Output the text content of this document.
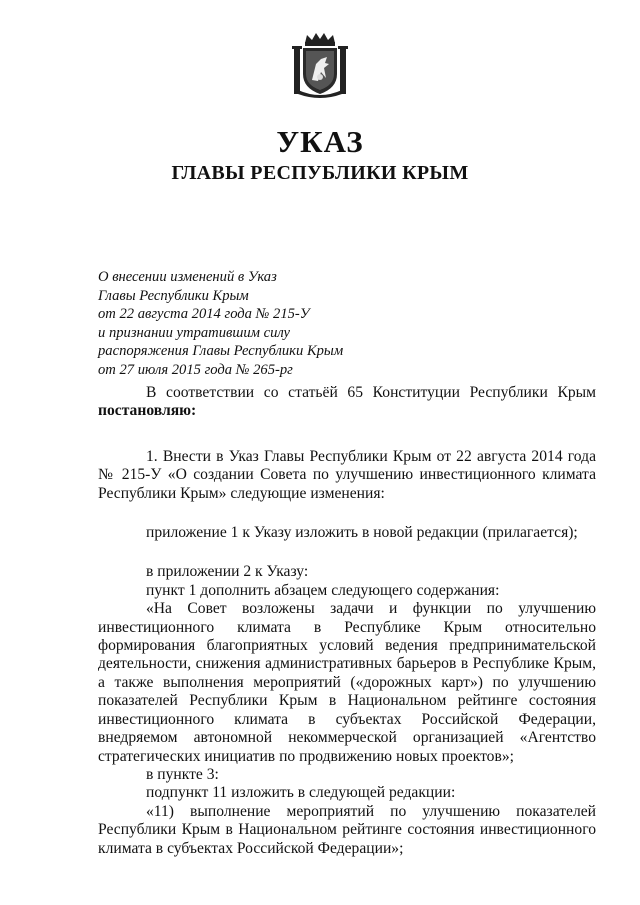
УКАЗ
ГЛАВЫ РЕСПУБЛИКИ КРЫМ
О внесении изменений в Указ
Главы Республики Крым
от 22 августа 2014 года № 215-У
и признании утратившим силу
распоряжения Главы Республики Крым
от 27 июля 2015 года № 265-рг

В соответствии со статьёй 65 Конституции Республики Крым

постановляю:

1. Внести в Указ Главы Республики Крым от 22 августа 2014 года № 215-У «О создании Совета по улучшению инвестиционного климата Республики Крым» следующие изменения:

приложение 1 к Указу изложить в новой редакции (прилагается);

в приложении 2 к Указу:

пункт 1 дополнить абзацем следующего содержания:

«На Совет возложены задачи и функции по улучшению инвестиционного климата в Республике Крым относительно формирования благоприятных условий ведения предпринимательской деятельности, снижения административных барьеров в Республике Крым, а также выполнения мероприятий («дорожных карт») по улучшению показателей Республики Крым в Национальном рейтинге состояния инвестиционного климата в субъектах Российской Федерации, внедряемом автономной некоммерческой организацией «Агентство стратегических инициатив по продвижению новых проектов»;

в пункте 3:

подпункт 11 изложить в следующей редакции:

«11) выполнение мероприятий по улучшению показателей Республики Крым в Национальном рейтинге состояния инвестиционного климата в субъектах Российской Федерации»;
